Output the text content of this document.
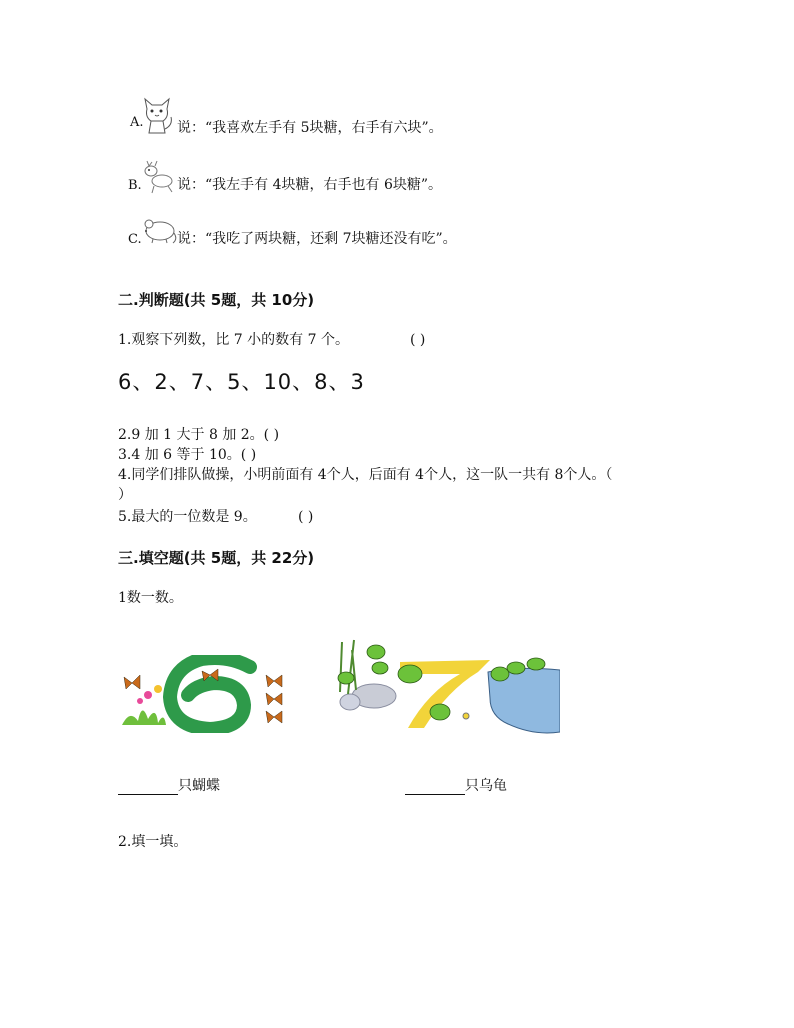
A. 说：“我喜欢左手有 5块糖，右手有六块”。
B.	说：“我左手有 4块糖，右手也有 6块糖”。
C.	说：“我吃了两块糖，还剩 7块糖还没有吃”。
二.判断题(共 5题，共 10分)
1.观察下列数，比 7 小的数有 7 个。	( )
6、2、7、5、10、8、3
2.9 加 1 大于 8 加 2。( )
3.4 加 6 等于 10。( )
4.同学们排队做操，小明前面有 4个人，后面有 4个人，这一队一共有 8个人。（
）
5.最大的一位数是 9。	( )
三.填空题(共 5题，共 22分)
1数一数。
只蝴蝶	只乌龟
2.填一填。
